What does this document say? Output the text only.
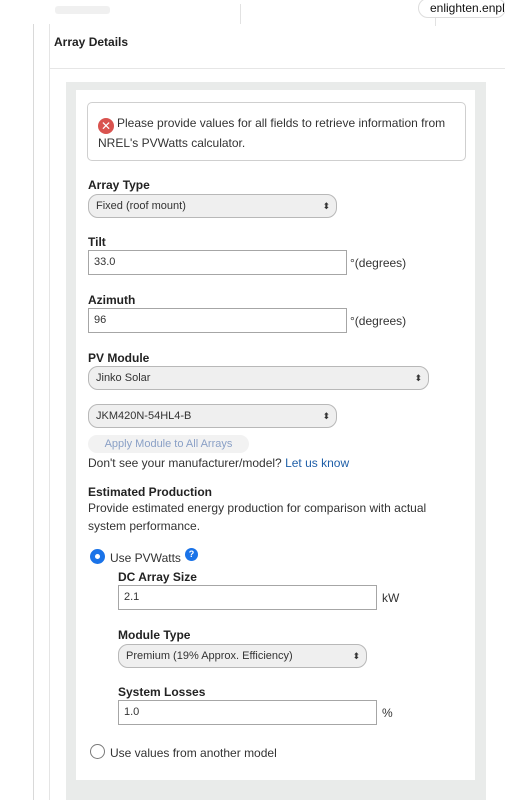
enlighten.enpl
Array Details
✕ Please provide values for all fields to retrieve information from NREL's PVWatts calculator.
Array Type
Fixed (roof mount)	⬍
Tilt
33.0	°(degrees)
Azimuth
96	°(degrees)
PV Module
Jinko Solar	⬍
JKM420N-54HL4-B	⬍
Apply Module to All Arrays
Don't see your manufacturer/model? Let us know
Estimated Production
Provide estimated energy production for comparison with actual
system performance.
Use PVWatts ?
DC Array Size
2.1	kW
Module Type
Premium (19% Approx. Efficiency)	⬍
System Losses
1.0	%
Use values from another model
